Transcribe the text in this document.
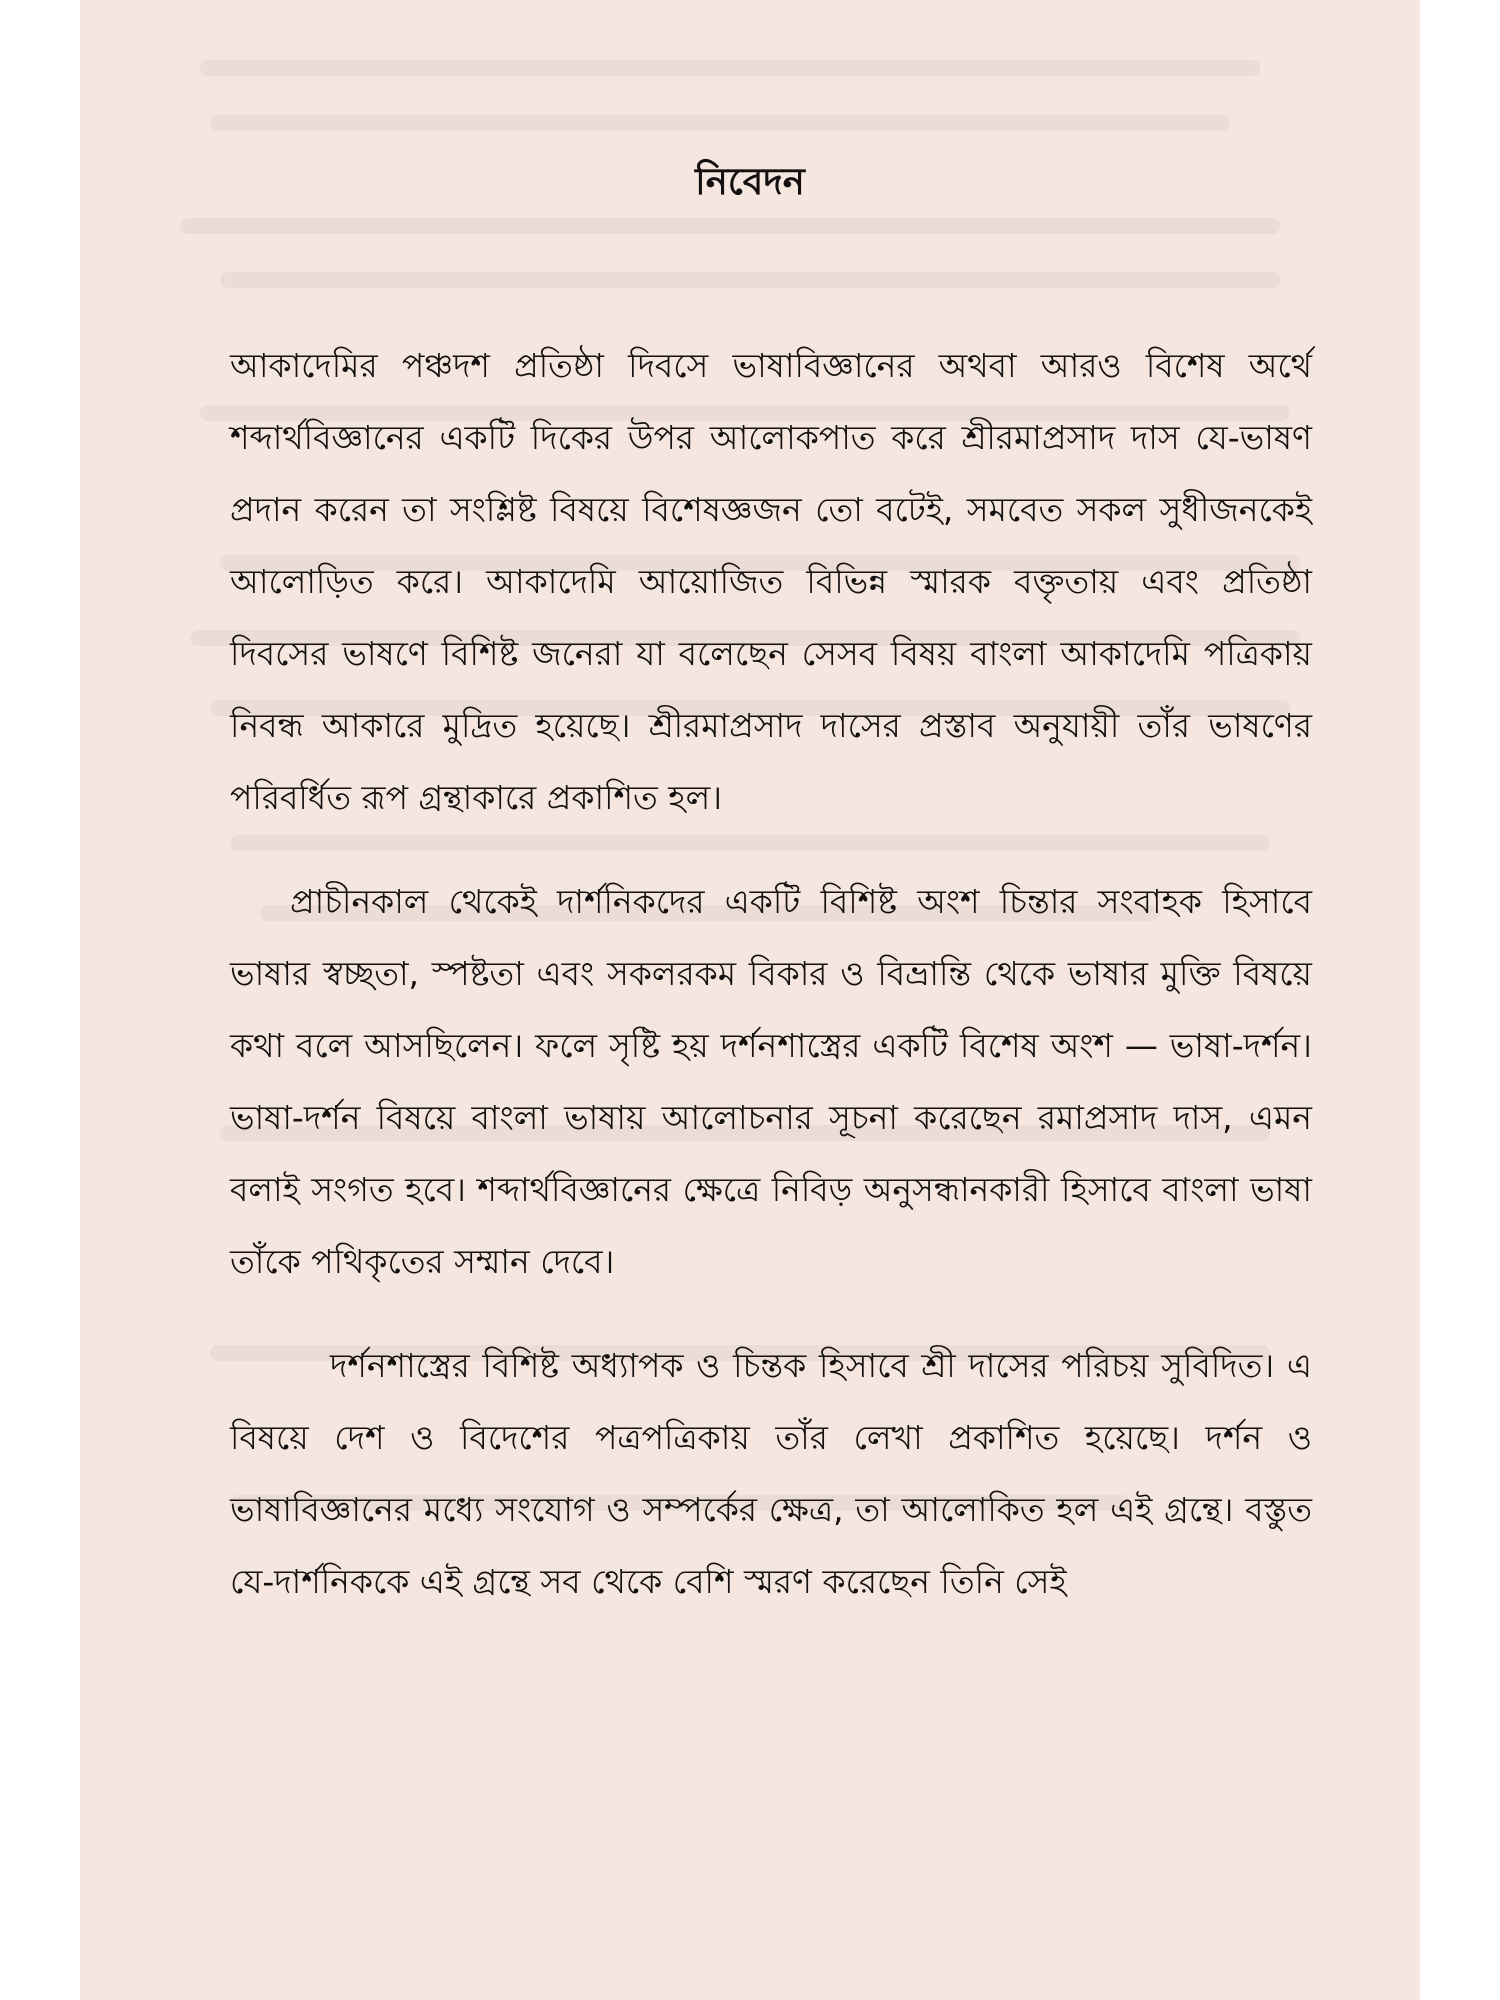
নিবেদন

আকাদেমির পঞ্চদশ প্রতিষ্ঠা দিবসে ভাষাবিজ্ঞানের অথবা আরও বিশেষ অর্থে শব্দার্থবিজ্ঞানের একটি দিকের উপর আলোকপাত করে শ্রীরমাপ্রসাদ দাস যে-ভাষণ প্রদান করেন তা সংশ্লিষ্ট বিষয়ে বিশেষজ্ঞজন তো বটেই, সমবেত সকল সুধীজনকেই আলোড়িত করে। আকাদেমি আয়োজিত বিভিন্ন স্মারক বক্তৃতায় এবং প্রতিষ্ঠা দিবসের ভাষণে বিশিষ্ট জনেরা যা বলেছেন সেসব বিষয় বাংলা আকাদেমি পত্রিকায় নিবন্ধ আকারে মুদ্রিত হয়েছে। শ্রীরমাপ্রসাদ দাসের প্রস্তাব অনুযায়ী তাঁর ভাষণের পরিবর্ধিত রূপ গ্রন্থাকারে প্রকাশিত হল।

প্রাচীনকাল থেকেই দার্শনিকদের একটি বিশিষ্ট অংশ চিন্তার সংবাহক হিসাবে ভাষার স্বচ্ছতা, স্পষ্টতা এবং সকলরকম বিকার ও বিভ্রান্তি থেকে ভাষার মুক্তি বিষয়ে কথা বলে আসছিলেন। ফলে সৃষ্টি হয় দর্শনশাস্ত্রের একটি বিশেষ অংশ — ভাষা-দর্শন। ভাষা-দর্শন বিষয়ে বাংলা ভাষায় আলোচনার সূচনা করেছেন রমাপ্রসাদ দাস, এমন বলাই সংগত হবে। শব্দার্থবিজ্ঞানের ক্ষেত্রে নিবিড় অনুসন্ধানকারী হিসাবে বাংলা ভাষা তাঁকে পথিকৃতের সম্মান দেবে।

দর্শনশাস্ত্রের বিশিষ্ট অধ্যাপক ও চিন্তক হিসাবে শ্রী দাসের পরিচয় সুবিদিত। এ বিষয়ে দেশ ও বিদেশের পত্রপত্রিকায় তাঁর লেখা প্রকাশিত হয়েছে। দর্শন ও ভাষাবিজ্ঞানের মধ্যে সংযোগ ও সম্পর্কের ক্ষেত্র, তা আলোকিত হল এই গ্রন্থে। বস্তুত যে-দার্শনিককে এই গ্রন্থে সব থেকে বেশি স্মরণ করেছেন তিনি সেই
